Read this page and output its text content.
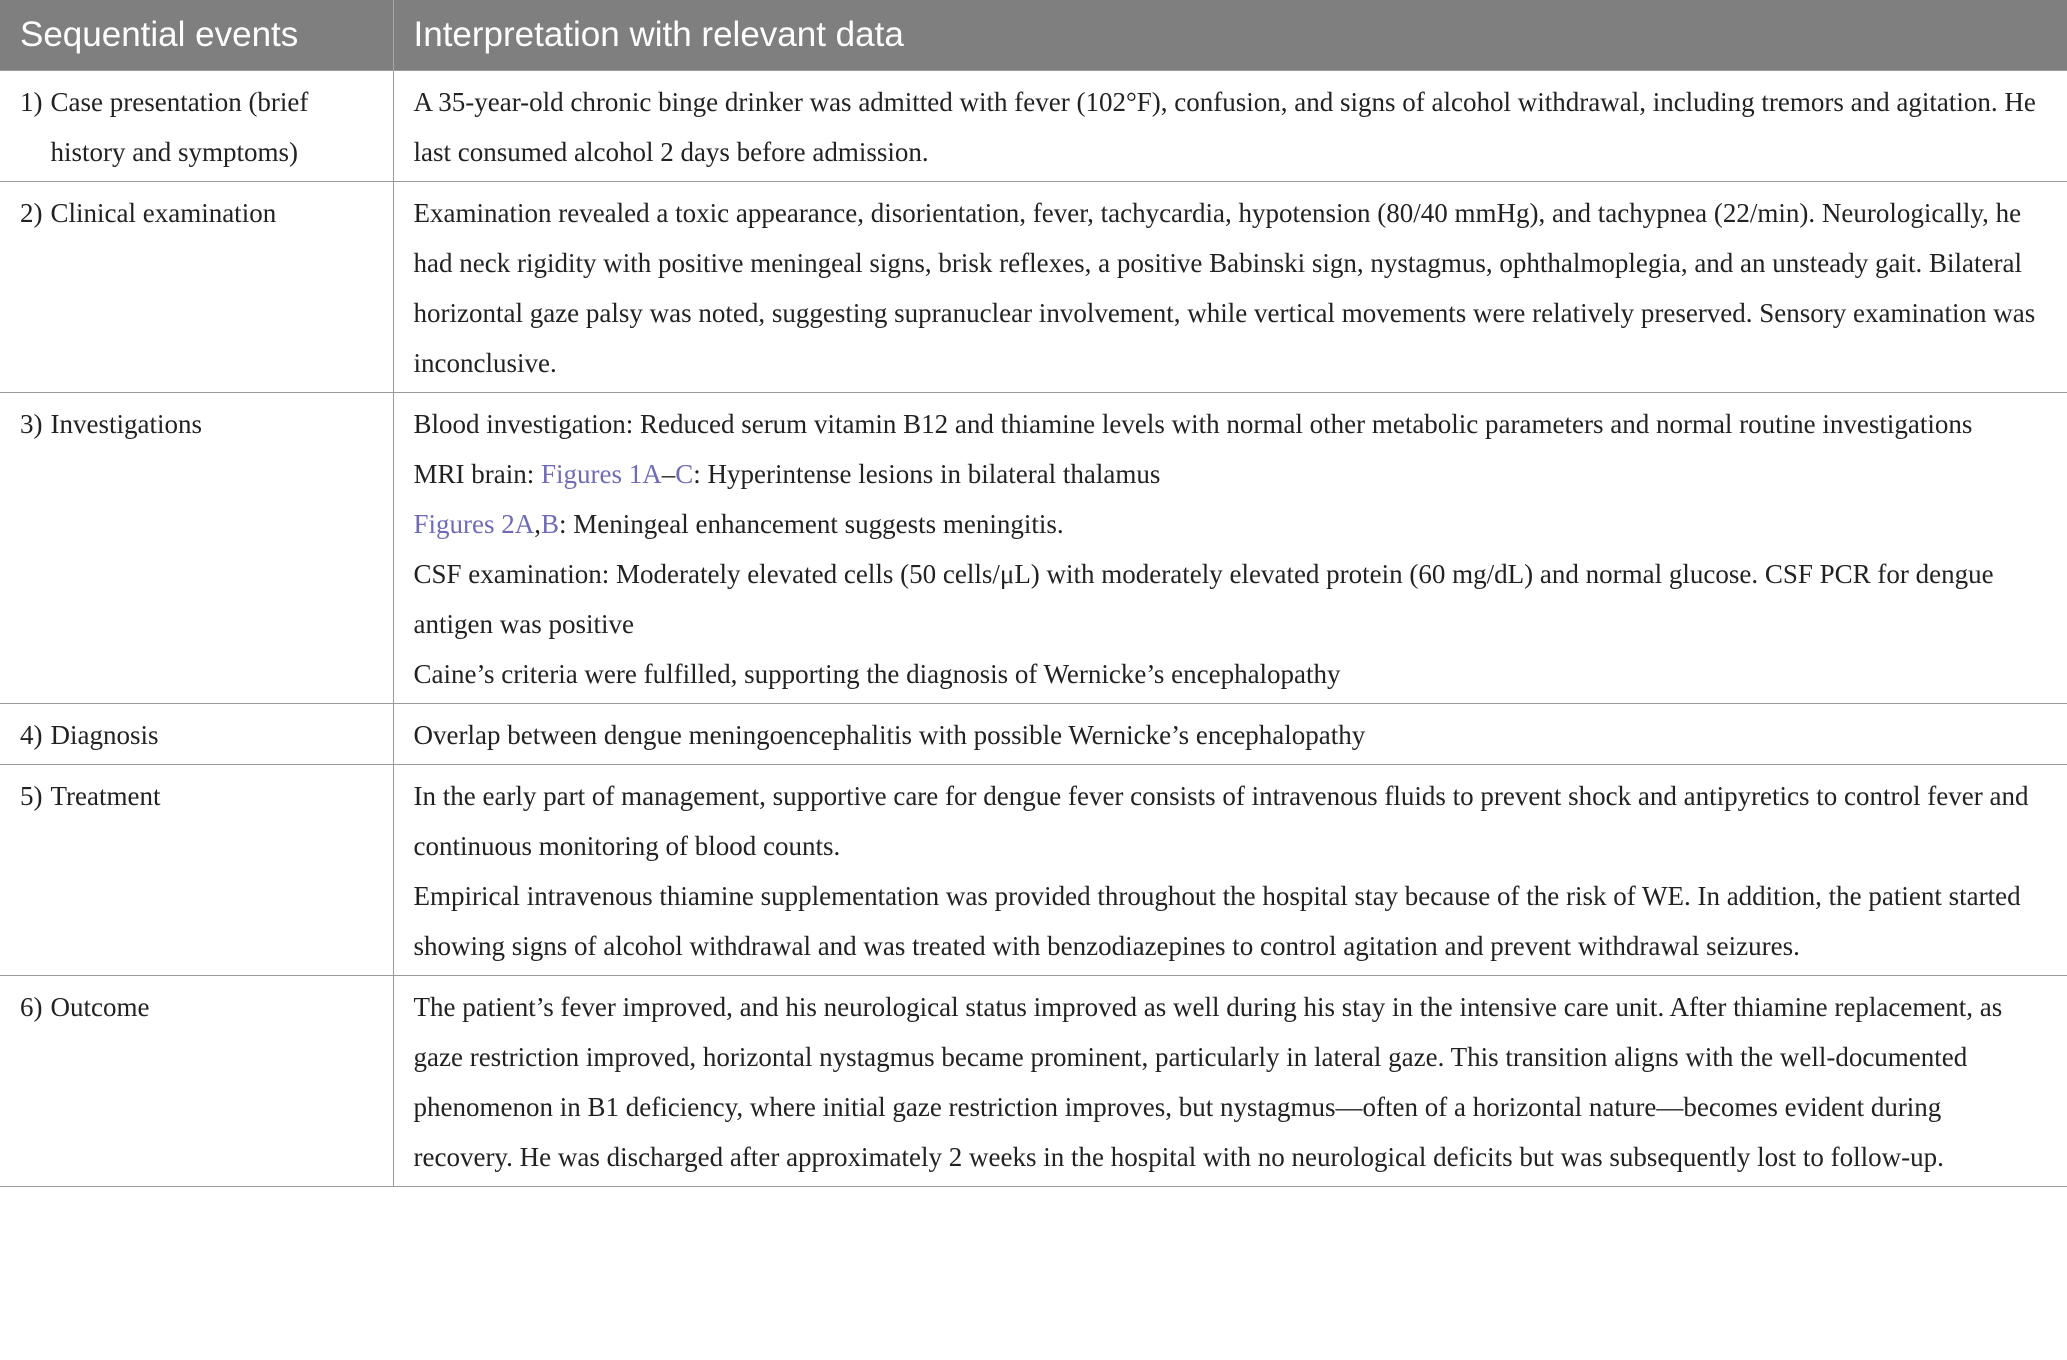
Sequential events	Interpretation with relevant data

1) Case presentation (brief history and symptoms)	A 35-year-old chronic binge drinker was admitted with fever (102°F), confusion, and signs of alcohol withdrawal, including tremors and agitation. He last consumed alcohol 2 days before admission.

2) Clinical examination	Examination revealed a toxic appearance, disorientation, fever, tachycardia, hypotension (80/40 mmHg), and tachypnea (22/min). Neurologically, he had neck rigidity with positive meningeal signs, brisk reflexes, a positive Babinski sign, nystagmus, ophthalmoplegia, and an unsteady gait. Bilateral horizontal gaze palsy was noted, suggesting supranuclear involvement, while vertical movements were relatively preserved. Sensory examination was inconclusive.

3) Investigations	Blood investigation: Reduced serum vitamin B12 and thiamine levels with normal other metabolic parameters and normal routine investigations
MRI brain: Figures 1A–C: Hyperintense lesions in bilateral thalamus
Figures 2A,B: Meningeal enhancement suggests meningitis.
CSF examination: Moderately elevated cells (50 cells/μL) with moderately elevated protein (60 mg/dL) and normal glucose. CSF PCR for dengue antigen was positive
Caine’s criteria were fulfilled, supporting the diagnosis of Wernicke’s encephalopathy

4) Diagnosis	Overlap between dengue meningoencephalitis with possible Wernicke’s encephalopathy

5) Treatment	In the early part of management, supportive care for dengue fever consists of intravenous fluids to prevent shock and antipyretics to control fever and continuous monitoring of blood counts.
Empirical intravenous thiamine supplementation was provided throughout the hospital stay because of the risk of WE. In addition, the patient started showing signs of alcohol withdrawal and was treated with benzodiazepines to control agitation and prevent withdrawal seizures.

6) Outcome	The patient’s fever improved, and his neurological status improved as well during his stay in the intensive care unit. After thiamine replacement, as gaze restriction improved, horizontal nystagmus became prominent, particularly in lateral gaze. This transition aligns with the well-documented phenomenon in B1 deficiency, where initial gaze restriction improves, but nystagmus—often of a horizontal nature—becomes evident during recovery. He was discharged after approximately 2 weeks in the hospital with no neurological deficits but was subsequently lost to follow-up.
